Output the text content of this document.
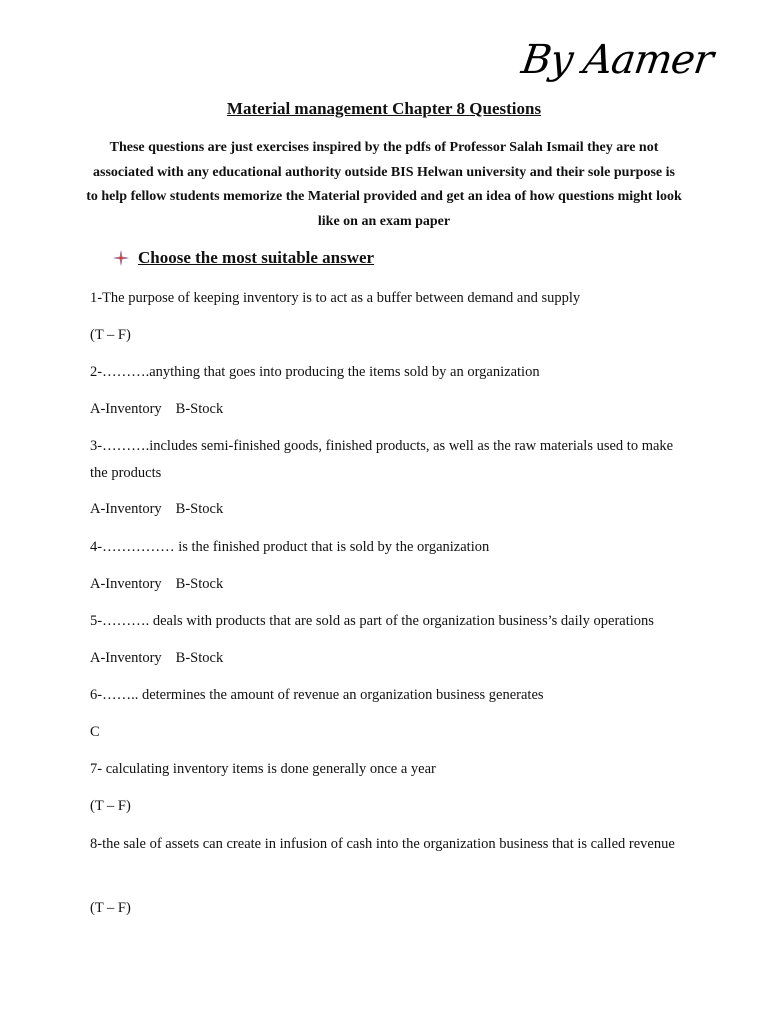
By Aamer
Material management Chapter 8 Questions
These questions are just exercises inspired by the pdfs of Professor Salah Ismail they are not associated with any educational authority outside BIS Helwan university and their sole purpose is to help fellow students memorize the Material provided and get an idea of how questions might look like on an exam paper
Choose the most suitable answer
1-The purpose of keeping inventory is to act as a buffer between demand and supply
(T – F)
2-……….anything that goes into producing the items sold by an organization
A-Inventory B-Stock
3-……….includes semi-finished goods, finished products, as well as the raw materials used to make the products
A-Inventory B-Stock
4-…………… is the finished product that is sold by the organization
A-Inventory B-Stock
5-………. deals with products that are sold as part of the organization business’s daily operations
A-Inventory B-Stock
6-…….. determines the amount of revenue an organization business generates
C
7- calculating inventory items is done generally once a year
(T – F)
8-the sale of assets can create in infusion of cash into the organization business that is called revenue
(T – F)
